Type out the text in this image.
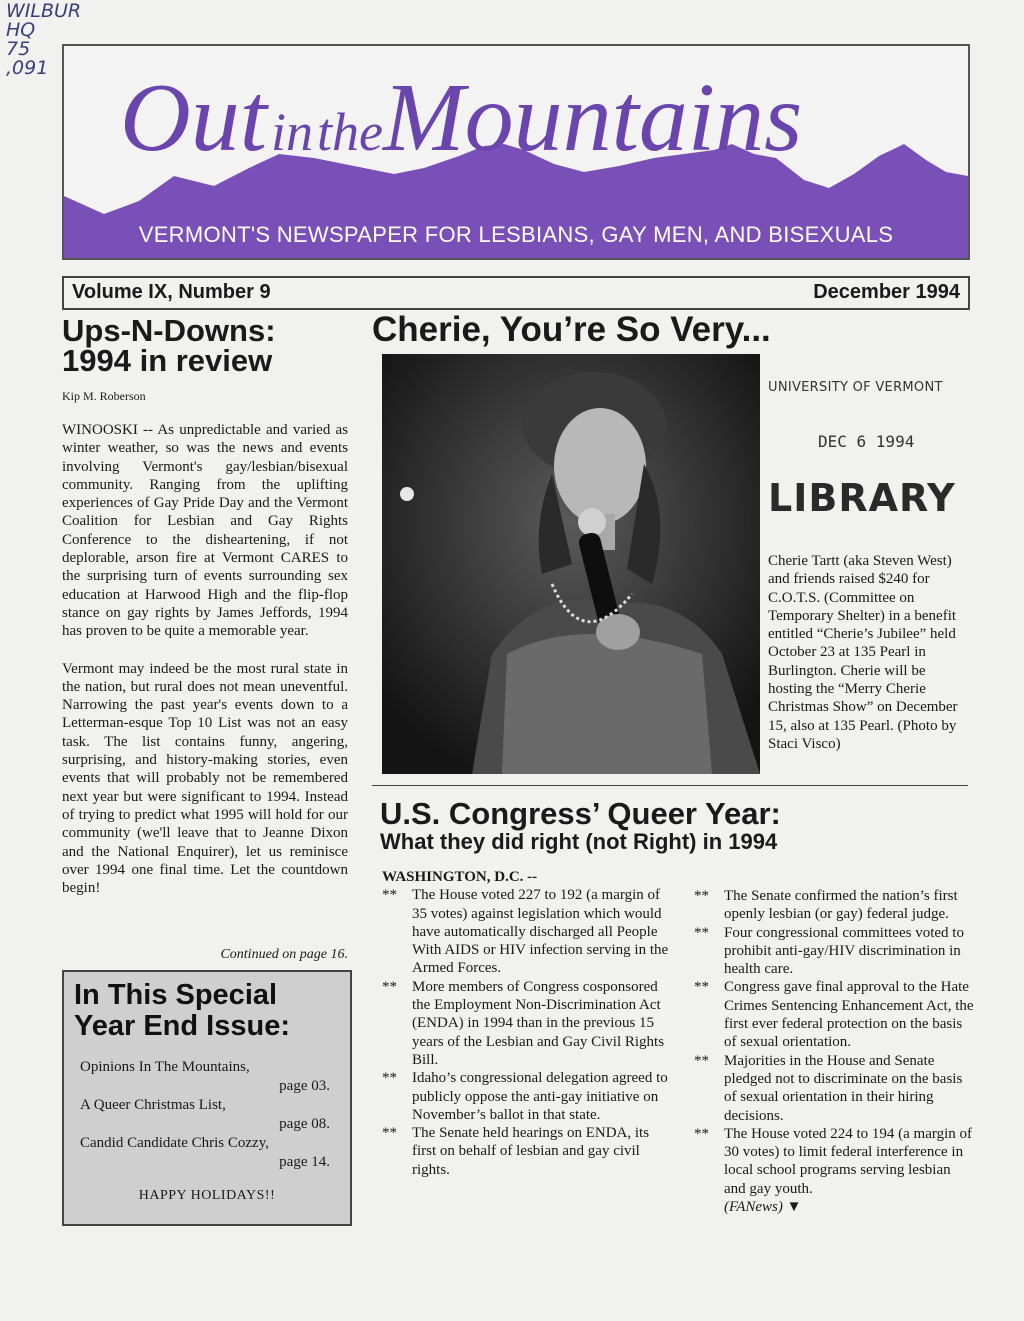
WILBUR
HQ
75
,091 Out in theMountains
VERMONT'S NEWSPAPER FOR LESBIANS, GAY MEN, AND BISEXUALS
Volume IX, Number 9	December 1994
Ups-N-Downs: 1994 in review
Kip M. Roberson

WINOOSKI -- As unpredictable and varied as winter weather, so was the news and events involving Vermont's gay/lesbian/bisexual community. Ranging from the uplifting experiences of Gay Pride Day and the Vermont Coalition for Lesbian and Gay Rights Conference to the disheartening, if not deplorable, arson fire at Vermont CARES to the surprising turn of events surrounding sex education at Harwood High and the flip-flop stance on gay rights by James Jeffords, 1994 has proven to be quite a memorable year.

Vermont may indeed be the most rural state in the nation, but rural does not mean uneventful. Narrowing the past year's events down to a Letterman-esque Top 10 List was not an easy task. The list contains funny, angering, surprising, and history-making stories, even events that will probably not be remembered next year but were significant to 1994. Instead of trying to predict what 1995 will hold for our community (we'll leave that to Jeanne Dixon and the National Enquirer), let us reminisce over 1994 one final time. Let the countdown begin!

Continued on page 16.
In This Special Year End Issue:
Opinions In The Mountains,
page 03.
A Queer Christmas List,
page 08.
Candid Candidate Chris Cozzy,
page 14.
HAPPY HOLIDAYS!!
Cherie, You’re So Very...
UNIVERSITY OF VERMONT
DEC 6 1994
LIBRARY
Cherie Tartt (aka Steven West) and friends raised $240 for C.O.T.S. (Committee on Temporary Shelter) in a benefit entitled “Cherie’s Jubilee” held October 23 at 135 Pearl in Burlington. Cherie will be hosting the “Merry Cherie Christmas Show” on December 15, also at 135 Pearl. (Photo by Staci Visco)
U.S. Congress’ Queer Year:
What they did right (not Right) in 1994
WASHINGTON, D.C. --
** The House voted 227 to 192 (a margin of 35 votes) against legislation which would have automatically discharged all People With AIDS or HIV infection serving in the Armed Forces.
** More members of Congress cosponsored the Employment Non-Discrimination Act (ENDA) in 1994 than in the previous 15 years of the Lesbian and Gay Civil Rights Bill.
** Idaho’s congressional delegation agreed to publicly oppose the anti-gay initiative on November’s ballot in that state.
** The Senate held hearings on ENDA, its first on behalf of lesbian and gay civil rights.
** The Senate confirmed the nation’s first openly lesbian (or gay) federal judge.
** Four congressional committees voted to prohibit anti-gay/HIV discrimination in health care.
** Congress gave final approval to the Hate Crimes Sentencing Enhancement Act, the first ever federal protection on the basis of sexual orientation.
** Majorities in the House and Senate pledged not to discriminate on the basis of sexual orientation in their hiring decisions.
** The House voted 224 to 194 (a margin of 30 votes) to limit federal interference in local school programs serving lesbian and gay youth.
(FANews) ▼
